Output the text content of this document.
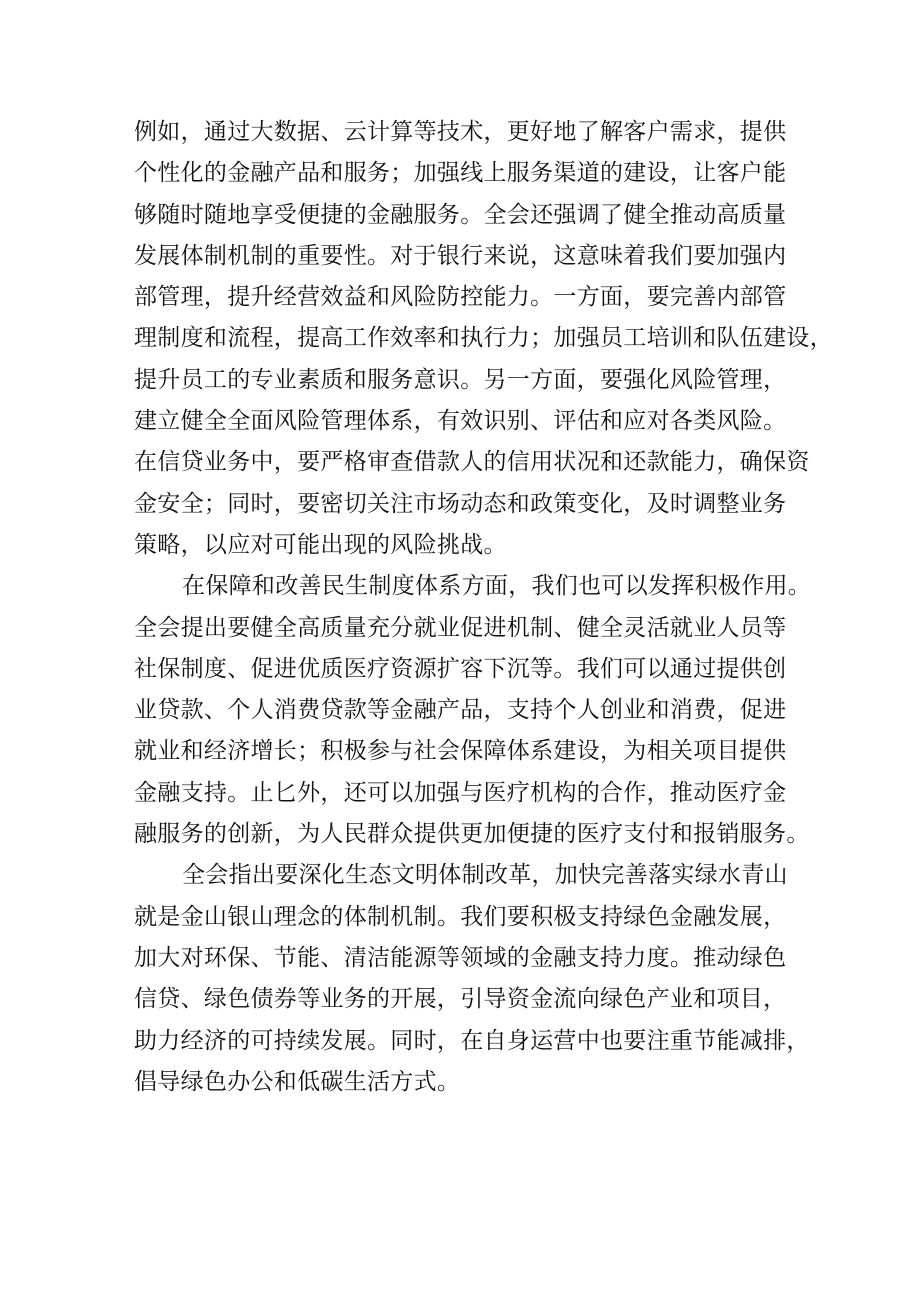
例如，通过大数据、云计算等技术，更好地了解客户需求，提供
个性化的金融产品和服务；加强线上服务渠道的建设，让客户能
够随时随地享受便捷的金融服务。全会还强调了健全推动高质量
发展体制机制的重要性。对于银行来说，这意味着我们要加强内
部管理，提升经营效益和风险防控能力。一方面，要完善内部管
理制度和流程，提高工作效率和执行力；加强员工培训和队伍建设，
提升员工的专业素质和服务意识。另一方面，要强化风险管理，
建立健全全面风险管理体系，有效识别、评估和应对各类风险。
在信贷业务中，要严格审查借款人的信用状况和还款能力，确保资
金安全；同时，要密切关注市场动态和政策变化，及时调整业务
策略，以应对可能出现的风险挑战。
在保障和改善民生制度体系方面，我们也可以发挥积极作用。
全会提出要健全高质量充分就业促进机制、健全灵活就业人员等
社保制度、促进优质医疗资源扩容下沉等。我们可以通过提供创
业贷款、个人消费贷款等金融产品，支持个人创业和消费，促进
就业和经济增长；积极参与社会保障体系建设，为相关项目提供
金融支持。止匕外，还可以加强与医疗机构的合作，推动医疗金
融服务的创新，为人民群众提供更加便捷的医疗支付和报销服务。
全会指出要深化生态文明体制改革，加快完善落实绿水青山
就是金山银山理念的体制机制。我们要积极支持绿色金融发展，
加大对环保、节能、清洁能源等领域的金融支持力度。推动绿色
信贷、绿色债券等业务的开展，引导资金流向绿色产业和项目，
助力经济的可持续发展。同时，在自身运营中也要注重节能减排，
倡导绿色办公和低碳生活方式。
